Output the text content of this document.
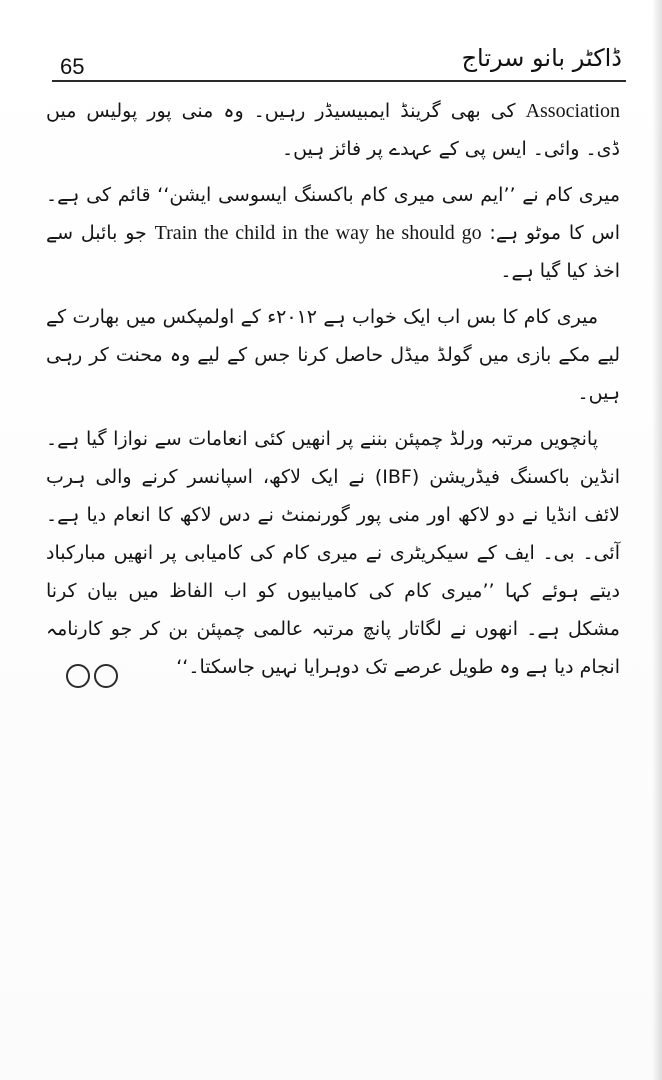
65	ڈاکٹر بانو سرتاج

Association کی بھی گرینڈ ایمبیسیڈر رہیں۔ وہ منی پور پولیس میں ڈی۔ وائی۔ ایس پی کے عہدے پر فائز ہیں۔

میری کام نے ’’ایم سی میری کام باکسنگ ایسوسی ایشن‘‘ قائم کی ہے۔ اس کا موٹو ہے: Train the child in the way he should go جو بائبل سے اخذ کیا گیا ہے۔

میری کام کا بس اب ایک خواب ہے ۲۰۱۲ء کے اولمپکس میں بھارت کے لیے مکے بازی میں گولڈ میڈل حاصل کرنا جس کے لیے وہ محنت کر رہی ہیں۔

پانچویں مرتبہ ورلڈ چمپئن بننے پر انھیں کئی انعامات سے نوازا گیا ہے۔ انڈین باکسنگ فیڈریشن (IBF) نے ایک لاکھ، اسپانسر کرنے والی ہرب لائف انڈیا نے دو لاکھ اور منی پور گورنمنٹ نے دس لاکھ کا انعام دیا ہے۔ آئی۔ بی۔ ایف کے سیکریٹری نے میری کام کی کامیابی پر انھیں مبارکباد دیتے ہوئے کہا ’’میری کام کی کامیابیوں کو اب الفاظ میں بیان کرنا مشکل ہے۔ انھوں نے لگاتار پانچ مرتبہ عالمی چمپئن بن کر جو کارنامہ انجام دیا ہے وہ طویل عرصے تک دوہرایا نہیں جاسکتا۔‘‘
